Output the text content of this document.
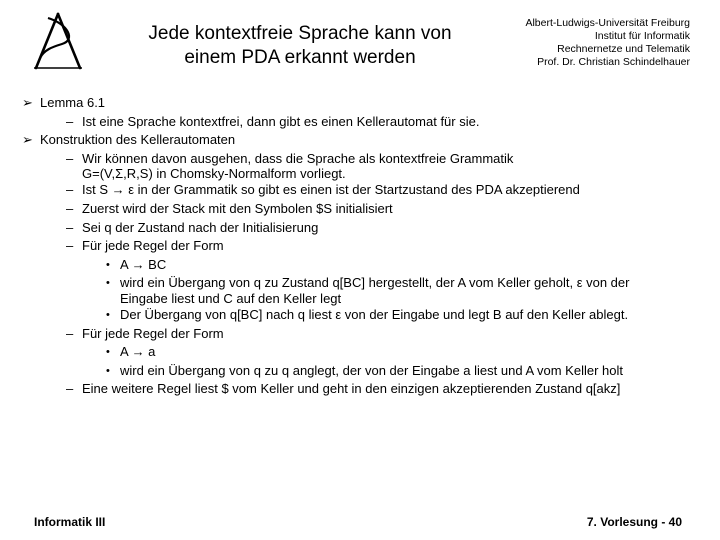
Jede kontextfreie Sprache kann von
einem PDA erkannt werden
Albert-Ludwigs-Universität Freiburg
Institut für Informatik
Rechnernetze und Telematik
Prof. Dr. Christian Schindelhauer
➢ Lemma 6.1
– Ist eine Sprache kontextfrei, dann gibt es einen Kellerautomat für sie.
➢ Konstruktion des Kellerautomaten
– Wir können davon ausgehen, dass die Sprache als kontextfreie Grammatik
G=(V,Σ,R,S) in Chomsky-Normalform vorliegt.
– Ist S → ε in der Grammatik so gibt es einen ist der Startzustand des PDA akzeptierend
– Zuerst wird der Stack mit den Symbolen $S initialisiert
– Sei q der Zustand nach der Initialisierung
– Für jede Regel der Form
• A → BC
• wird ein Übergang von q zu Zustand q[BC] hergestellt, der A vom Keller geholt, ε von der
Eingabe liest und C auf den Keller legt
• Der Übergang von q[BC] nach q liest ε von der Eingabe und legt B auf den Keller ablegt.
– Für jede Regel der Form
• A → a
• wird ein Übergang von q zu q anglegt, der von der Eingabe a liest und A vom Keller holt
– Eine weitere Regel liest $ vom Keller und geht in den einzigen akzeptierenden Zustand q[akz]
Informatik III	7. Vorlesung - 40
